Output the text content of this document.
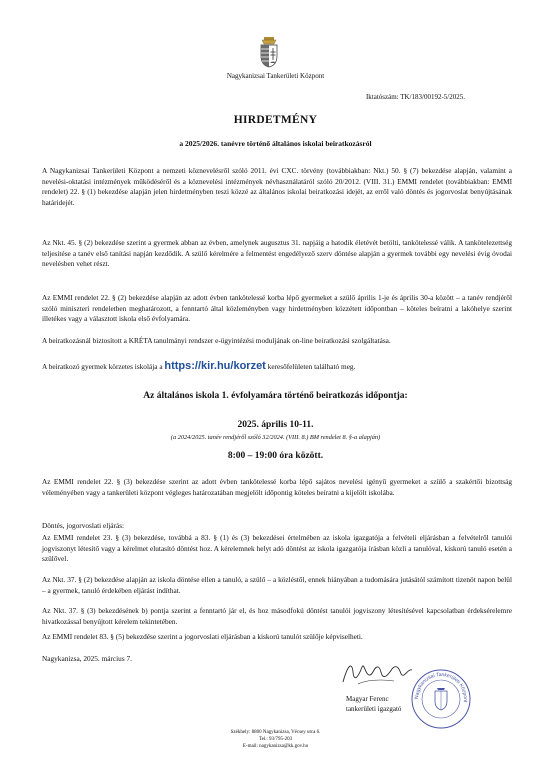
Nagykanizsai Tankerületi Központ
Iktatószám: TK/183/00192-5/2025.
HIRDETMÉNY
a 2025/2026. tanévre történő általános iskolai beiratkozásról
A Nagykanizsai Tankerületi Központ a nemzeti köznevelésről szóló 2011. évi CXC. törvény (továbbiakban: Nkt.) 50. § (7) bekezdése alapján, valamint a nevelési-oktatási intézmények működéséről és a köznevelési intézmények névhasználatáról szóló 20/2012. (VIII. 31.) EMMI rendelet (továbbiakban: EMMI rendelet) 22. § (1) bekezdése alapján jelen hirdetményben teszi közzé az általános iskolai beiratkozási idejét, az erről való döntés és jogorvoslat benyújtásának határidejét.
Az Nkt. 45. § (2) bekezdése szerint a gyermek abban az évben, amelynek augusztus 31. napjáig a hatodik életévét betölti, tankötelessé válik. A tankötelezettség teljesítése a tanév első tanítási napján kezdődik. A szülő kérelmére a felmentést engedélyező szerv döntése alapján a gyermek további egy nevelési évig óvodai nevelésben vehet részt.
Az EMMI rendelet 22. § (2) bekezdése alapján az adott évben tankötelessé korba lépő gyermeket a szülő április 1-je és április 30-a között – a tanév rendjéről szóló miniszteri rendeletben meghatározott, a fenntartó által közleményben vagy hirdetményben közzétett időpontban – köteles beíratni a lakóhelye szerint illetékes vagy a választott iskola első évfolyamára.
A beiratkozásnál biztosított a KRÉTA tanulmányi rendszer e-ügyintézési moduljának on-line beiratkozási szolgáltatása.
A beiratkozó gyermek körzetes iskolája a https://kir.hu/korzet keresőfelületen található meg.
Az általános iskola 1. évfolyamára történő beiratkozás időpontja:
2025. április 10-11.
(a 2024/2025. tanév rendjéről szóló 32/2024. (VIII. 8.) BM rendelet 8. §-a alapján)
8:00 – 19:00 óra között.
Az EMMI rendelet 22. § (3) bekezdése szerint az adott évben tankötelessé korba lépő sajátos nevelési igényű gyermeket a szülő a szakértői bizottság véleményében vagy a tankerületi központ végleges határozatában megjelölt időpontig köteles beíratni a kijelölt iskolába.
Döntés, jogorvoslati eljárás:
Az EMMI rendelet 23. § (3) bekezdése, továbbá a 83. § (1) és (3) bekezdései értelmében az iskola igazgatója a felvételi eljárásban a felvételről tanulói jogviszonyt létesítő vagy a kérelmet elutasító döntést hoz. A kérelemnek helyt adó döntést az iskola igazgatója írásban közli a tanulóval, kiskorú tanuló esetén a szülővel.
Az Nkt. 37. § (2) bekezdése alapján az iskola döntése ellen a tanuló, a szülő – a közléstől, ennek hiányában a tudomására jutásától számított tizenöt napon belül – a gyermek, tanuló érdekében eljárást indíthat.
Az Nkt. 37. § (3) bekezdésének b) pontja szerint a fenntartó jár el, és hoz másodfokú döntést tanulói jogviszony létesítésével kapcsolatban érdeksérelemre hivatkozással benyújtott kérelem tekintetében.
Az EMMI rendelet 83. § (5) bekezdése szerint a jogorvoslati eljárásban a kiskorú tanulót szülője képviselheti.
Nagykanizsa, 2025. március 7.
Magyar Ferenc
tankerületi igazgató
Nagykanizsai Tankerületi Központ
Székhely: 8800 Nagykanizsa, Vécsey utca 6.
Tel.: 93/795-203
E-mail: nagykanizsa@kk.gov.hu
